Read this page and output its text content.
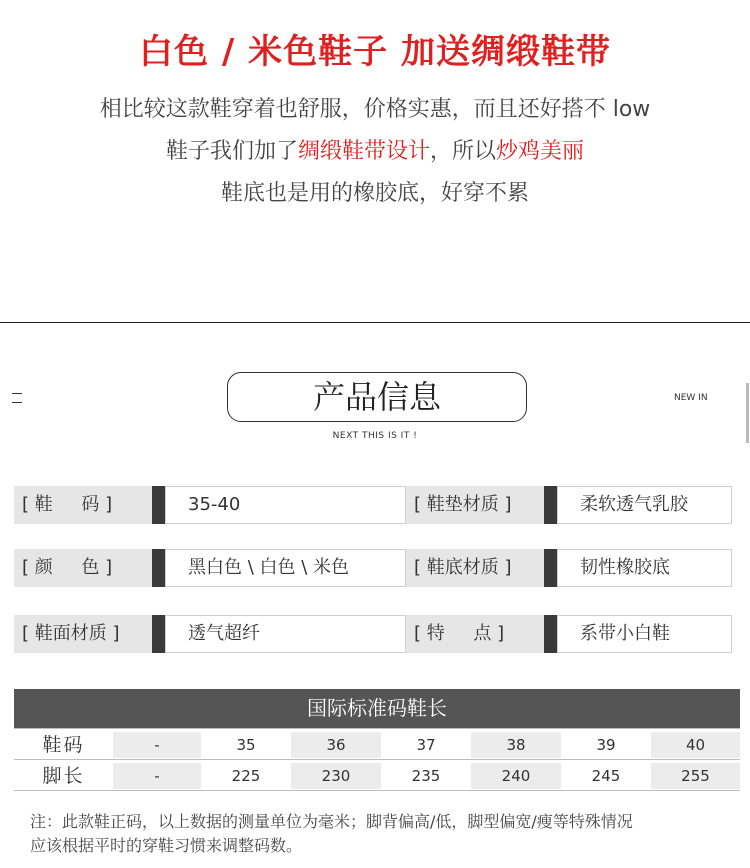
白色 / 米色鞋子 加送绸缎鞋带
相比较这款鞋穿着也舒服，价格实惠，而且还好搭不 low
鞋子我们加了绸缎鞋带设计，所以炒鸡美丽
鞋底也是用的橡胶底，好穿不累
产品信息	NEW IN
NEXT THIS IS IT !
[ 鞋     码 ]	35-40	[ 鞋垫材质 ]	柔软透气乳胶
[ 颜     色 ]	黑白色 \ 白色 \ 米色	[ 鞋底材质 ]	韧性橡胶底
[ 鞋面材质 ]	透气超纤	[ 特     点 ]	系带小白鞋
国际标准码鞋长
鞋码	-	35	36	37	38	39	40
脚长	-	225	230	235	240	245	255
注：此款鞋正码，以上数据的测量单位为毫米；脚背偏高/低，脚型偏宽/瘦等特殊情况
应该根据平时的穿鞋习惯来调整码数。
